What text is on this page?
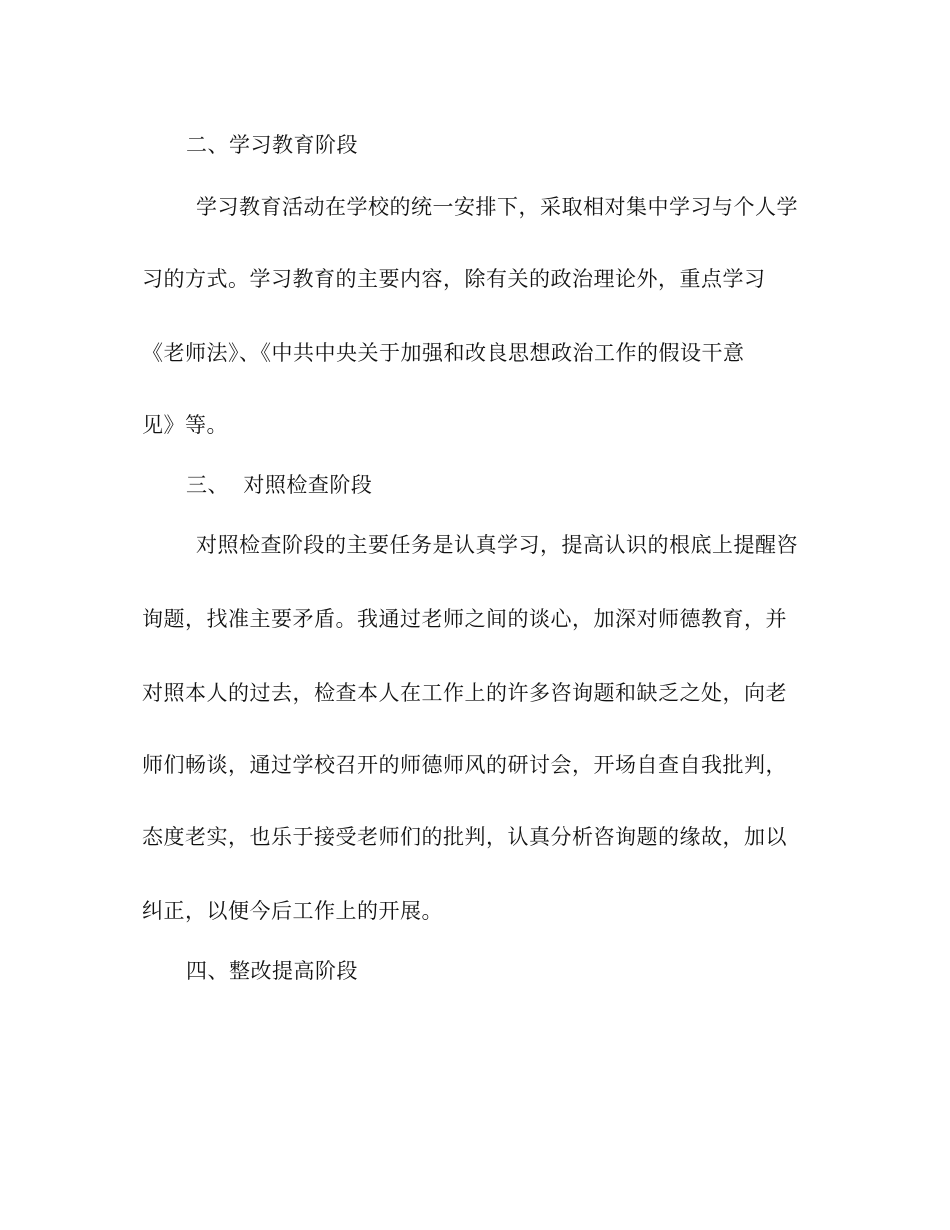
二、学习教育阶段
学习教育活动在学校的统一安排下，采取相对集中学习与个人学
习的方式。学习教育的主要内容，除有关的政治理论外，重点学习
《老师法》、《中共中央关于加强和改良思想政治工作的假设干意
见》等。
三、  对照检查阶段
对照检查阶段的主要任务是认真学习，提高认识的根底上提醒咨
询题，找准主要矛盾。我通过老师之间的谈心，加深对师德教育，并
对照本人的过去，检查本人在工作上的许多咨询题和缺乏之处，向老
师们畅谈，通过学校召开的师德师风的研讨会，开场自查自我批判，
态度老实，也乐于接受老师们的批判，认真分析咨询题的缘故，加以
纠正，以便今后工作上的开展。
四、整改提高阶段
